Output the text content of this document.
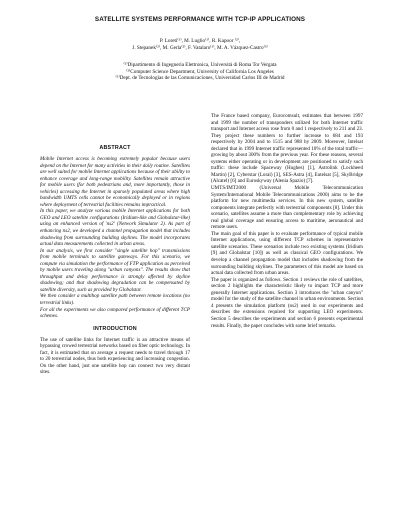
SATELLITE SYSTEMS PERFORMANCE WITH TCP-IP APPLICATIONS
P. Loreti⁽¹⁾, M. Luglio⁽¹⁾, R. Kapoor ⁽²⁾,
J. Stepanek⁽²⁾, M. Gerla⁽²⁾, F. Vatalaro⁽¹⁾, M. A. Vázquez-Castro⁽³⁾
⁽¹⁾Dipartimento di Ingegneria Elettronica, Università di Roma Tor Vergata
⁽²⁾Computer Science Department, University of California Los Angeles
⁽³⁾Dept. de Tecnologías de las Comunicaciones, Universidad Carlos III de Madrid
ABSTRACT

Mobile Internet access is becoming extremely popular because users depend on the Internet for many activities in their daily routine. Satellites are well suited for mobile Internet applications because of their ability to enhance coverage and long-range mobility. Satellites remain attractive for mobile users (for both pedestrians and, more importantly, those in vehicles) accessing the Internet in sparsely populated areas where high bandwidth UMTS cells cannot be economically deployed or in regions where deployment of terrestrial facilities remains impractical.

In this paper, we analyze various mobile Internet applications for both GEO and LEO satellite configurations (Iridium-like and Globalstar-like) using an enhanced version of 'ns2' (Network Simulator 2). As part of enhancing ns2, we developed a channel propagation model that includes shadowing from surrounding building skylines. The model incorporates actual data measurements collected in urban areas.

In our analysis, we first consider "single satellite hop" transmissions from mobile terminals to satellite gateways. For this scenario, we compute via simulation the performance of FTP application as perceived by mobile users traveling along "urban canyons". The results show that throughput and delay performance is strongly affected by skyline shadowing; and that shadowing degradation can be compensated by satellite diversity, such as provided by Globalstar.

We then consider a multihop satellite path between remote locations (no terrestrial links).

For all the experiments we also compared performance of different TCP schemes.

INTRODUCTION

The use of satellite links for Internet traffic is an attractive means of bypassing crowed terrestrial networks based on fiber optic technology. In fact, it is estimated that on average a request needs to travel through 17 to 20 terrestrial nodes, thus both experiencing and increasing congestion. On the other hand, just one satellite hop can connect two very distant sites.

The France based company, Eurocomsult, estimates that between 1997 and 1999 the number of transponders utilized for both Internet traffic transport and Internet access rose from 0 and 1 respectively to 211 and 23. They project these numbers to further increase to 684 and 193 respectively by 2004 and to 1515 and 988 by 2009. Moreover, Intelsat declared that in 1999 Internet traffic represented 10% of the total traffic—growing by about 300% from the previous year. For these reasons, several systems either operating or in development are positioned to satisfy such traffic: these include Spaceway (Hughes) [1], Astrolink (Lockheed Martin) [2], Cyberstar (Loral) [3], SES-Astra [4], Eutelsat [5], SkyBridge (Alcatel) [6] and Euroskyway (Alenia Spazio) [7].

UMTS/IMT2000 (Universal Mobile Telecommunication System/International Mobile Telecommunications 2000) aims to be the platform for new multimedia services. In this new system, satellite components integrate perfectly with terrestrial components [8]. Under this scenario, satellites assume a more than complementary role by achieving real global coverage and ensuring access to maritime, aeronautical and remote users.

The main goal of this paper is to evaluate performance of typical mobile Internet applications, using different TCP schemes in representative satellite scenarios. These scenarios include two existing systems (Iridium [9] and Globalstar [10]) as well as classical GEO configurations. We develop a channel propagation model that includes shadowing from the surrounding building skylines. The parameters of this model are based on actual data collected from urban areas.

The paper is organized as follows. Section 1 reviews the role of satellites, section 2 highlights the characteristic likely to impact TCP and more generally Internet applications. Section 3 introduces the "urban canyon" model for the study of the satellite channel in urban environments. Section 4 presents the simulation platform (ns2) used in our experiments and describes the extensions required for supporting LEO experiments. Section 5 describes the experiments and section 6 presents experimental results. Finally, the paper concludes with some brief remarks.
